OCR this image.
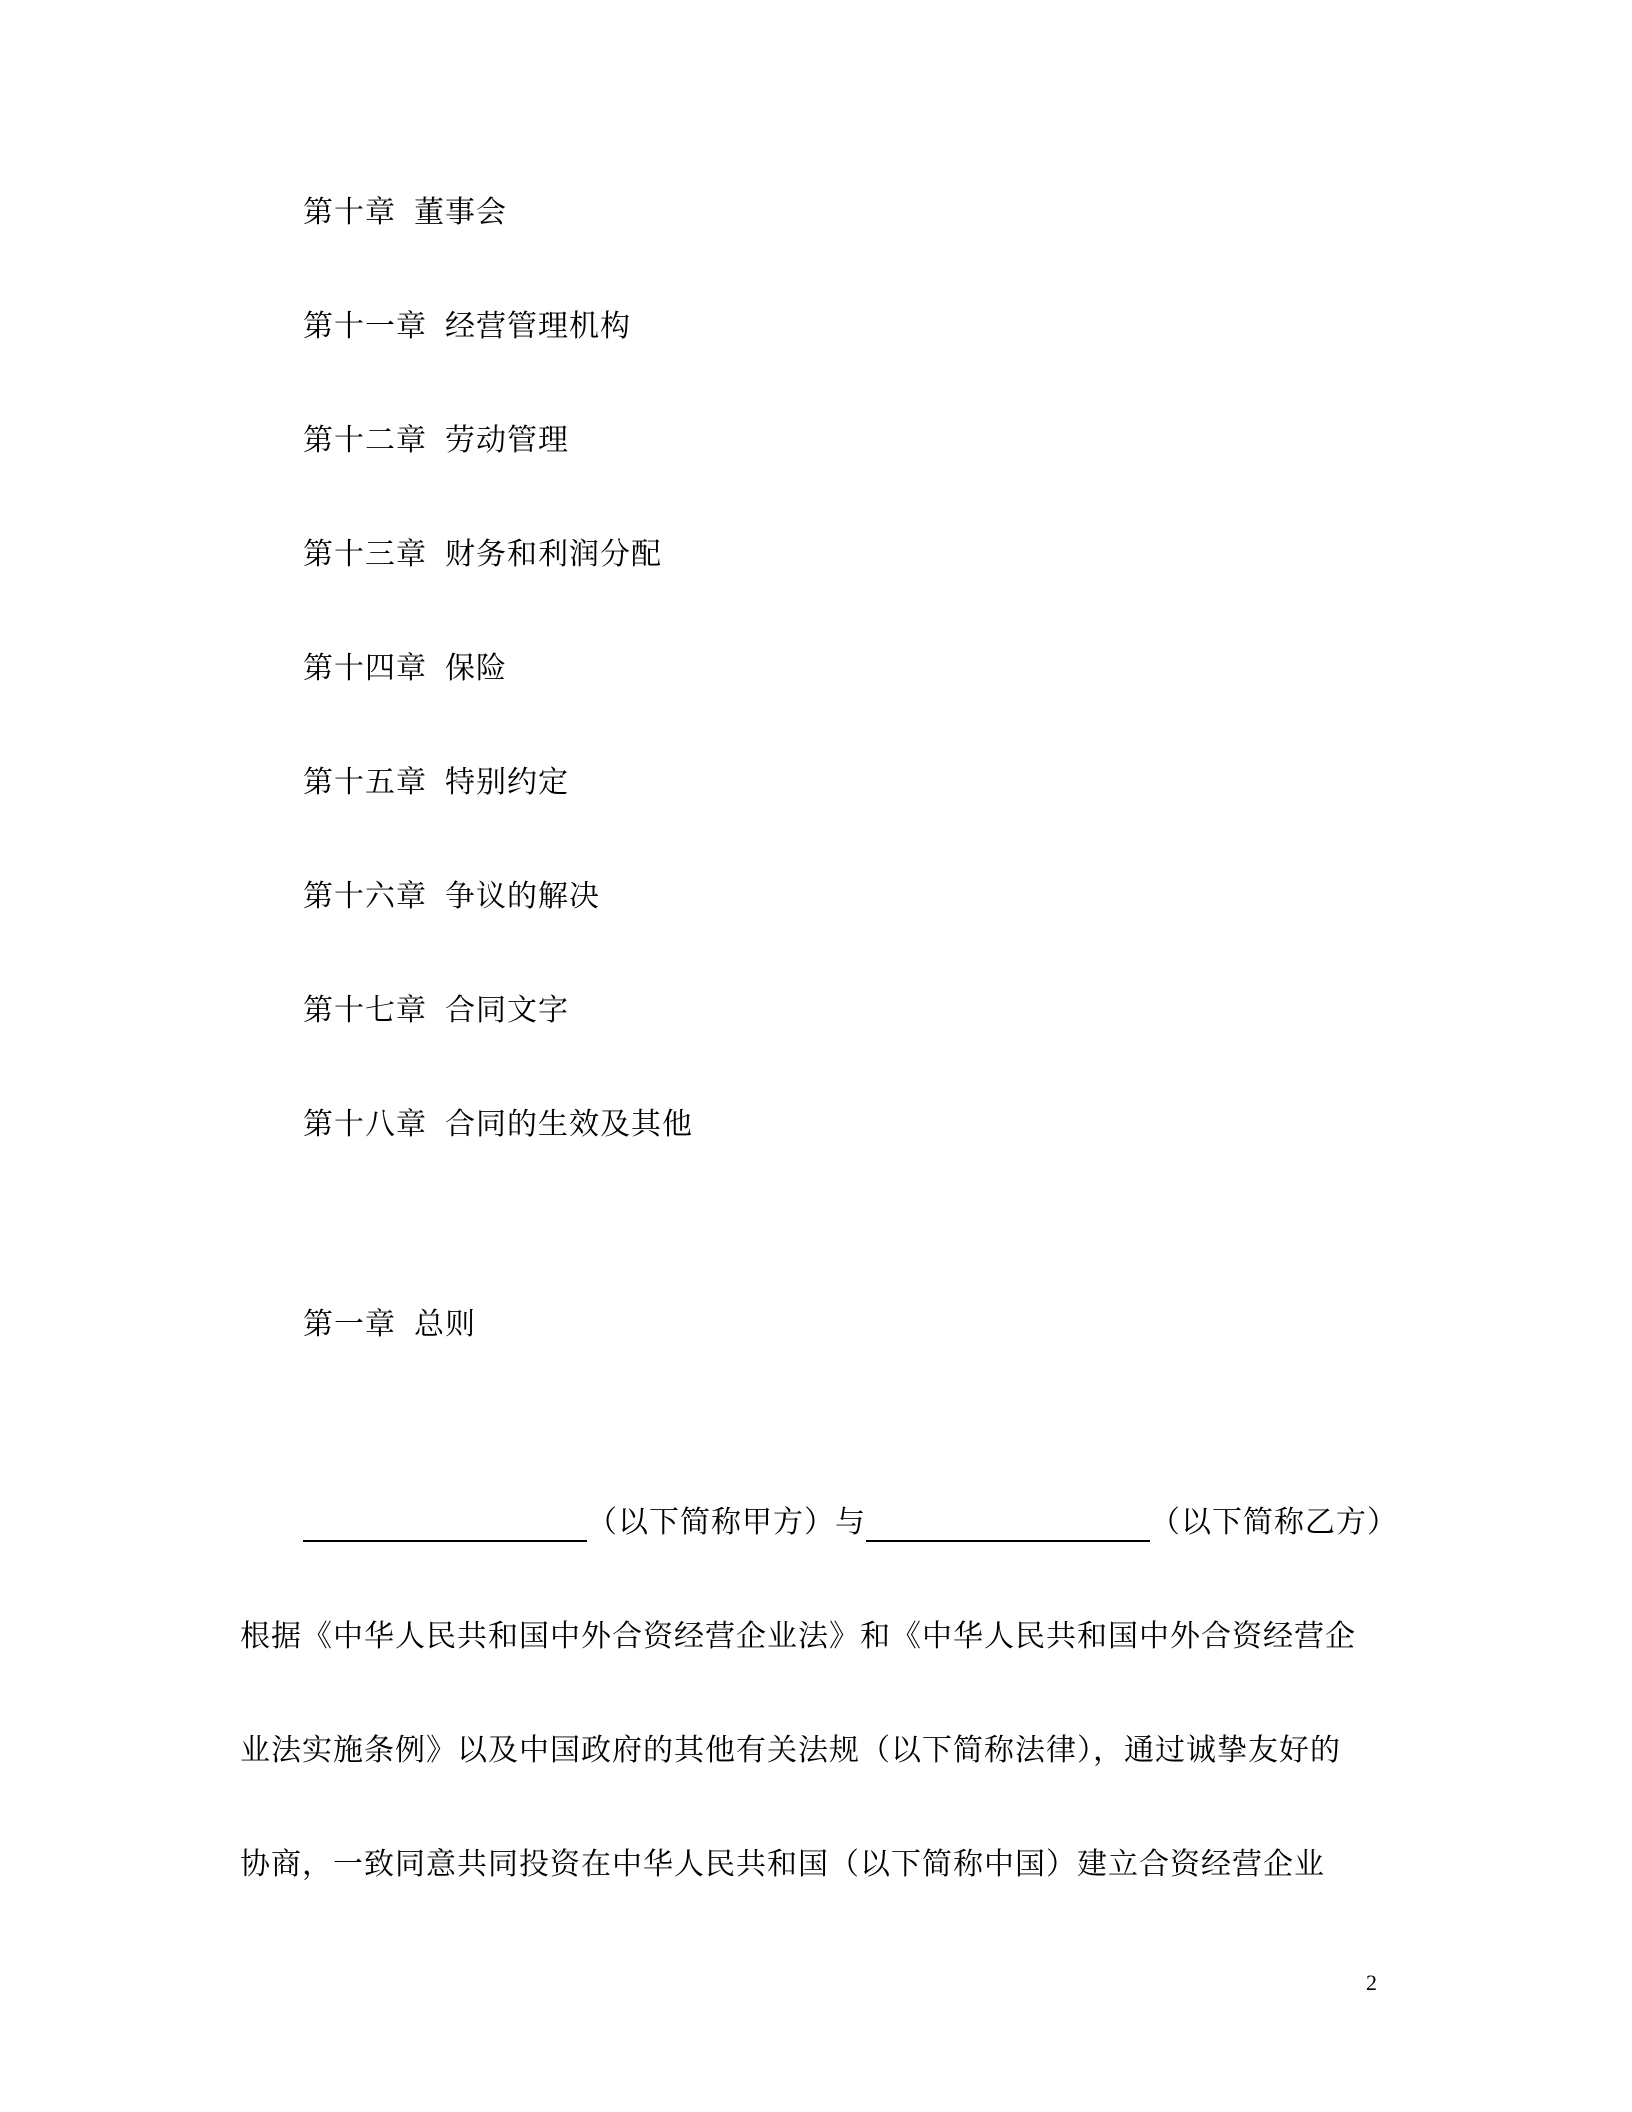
第十章 董事会
第十一章 经营管理机构
第十二章 劳动管理
第十三章 财务和利润分配
第十四章 保险
第十五章 特别约定
第十六章 争议的解决
第十七章 合同文字
第十八章 合同的生效及其他
第一章 总则
（以下简称甲方）与	（以下简称乙方）
根据《中华人民共和国中外合资经营企业法》和《中华人民共和国中外合资经营企
业法实施条例》以及中国政府的其他有关法规（以下简称法律），通过诚挚友好的
协商，一致同意共同投资在中华人民共和国（以下简称中国）建立合资经营企业
2
